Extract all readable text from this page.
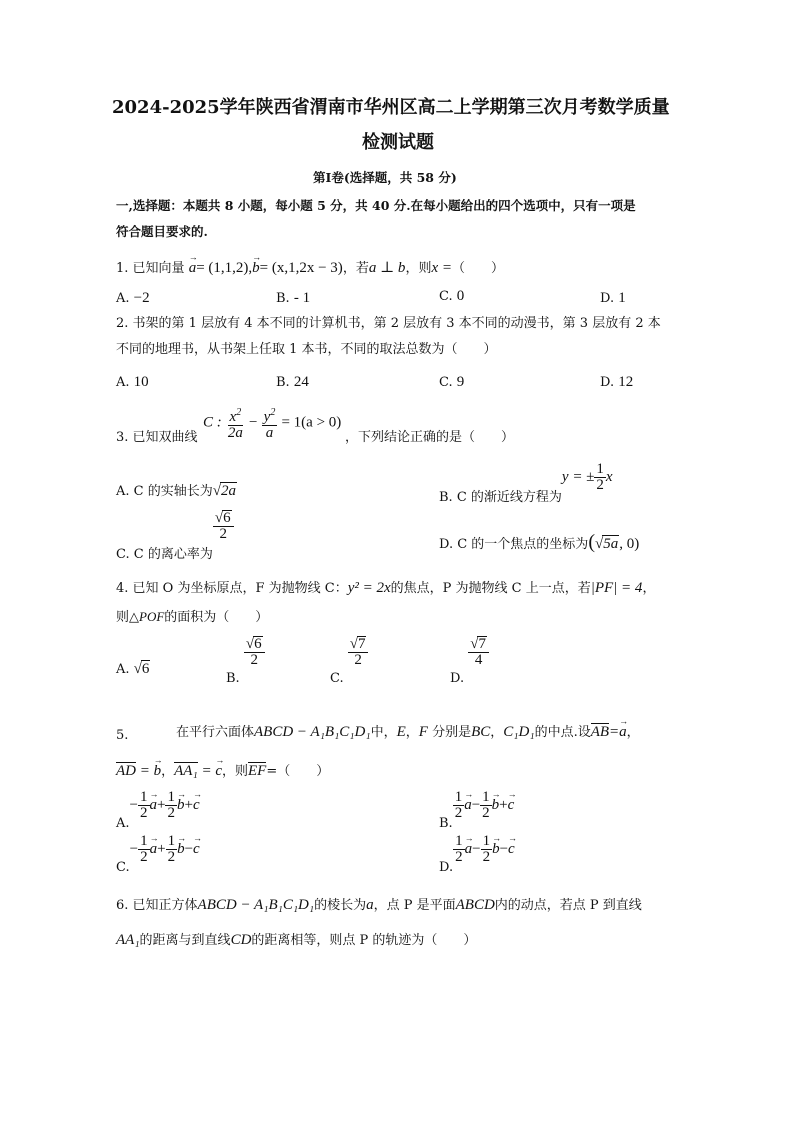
2024-2025学年陕西省渭南市华州区高二上学期第三次月考数学质量
检测试题
第Ⅰ卷(选择题，共 58 分)
一,选择题：本题共 8 小题，每小题 5 分，共 40 分.在每小题给出的四个选项中，只有一项是
符合题目要求的.
1. 已知向量 → a= (1,1,2),→ b= (x,1,2x − 3)，若a ⊥ b，则x =（　　）
A. −2	B. ‐ 1	C. 0	D. 1
2. 书架的第 1 层放有 4 本不同的计算机书，第 2 层放有 3 本不同的动漫书，第 3 层放有 2 本
不同的地理书，从书架上任取 1 本书，不同的取法总数为（　　）
A. 10	B. 24	C. 9	D. 12
3. 已知双曲线
C : $\frac{x^2}{2a} - \frac{y^2}{a} = 1(a > 0)$
，下列结论正确的是（　　）
A. C 的实轴长为√2a	B. C 的渐近线方程为y = ± $\frac{1}{2}$ x
C. C 的离心率为
$\frac{√6}{2}$
D. C 的一个焦点的坐标为(√5a, 0)
4. 已知 O 为坐标原点，F 为抛物线 C：y² = 2x的焦点，P 为抛物线 C 上一点，若|PF| = 4，
则△POF的面积为（　　）
A. √6
B.
$\frac{√6}{2}$
C.
$\frac{√7}{2}$
D.
$\frac{√7}{4}$
5.	在平行六面体ABCD − A₁B₁C₁D₁中，E，F 分别是BC，C₁D₁的中点.设AB=→ a，
AD = → b，AA₁ = → c，则EF=（　　）
$A.- \frac{1}{2}$
→ $a+ \frac{1}{2}$
→ b+→ c
B.
$\frac{1}{2}$
→ $a- \frac{1}{2}$
→ b+→ c
$C.- \frac{1}{2}$
→ $a+ \frac{1}{2}$
→ b−→ c
D.
$\frac{1}{2}$
→ $a- \frac{1}{2}$
→ b−→ c
6. 已知正方体ABCD − A₁B₁C₁D₁的棱长为a，点 P 是平面ABCD内的动点，若点 P 到直线
AA₁的距离与到直线CD的距离相等，则点 P 的轨迹为（　　）
